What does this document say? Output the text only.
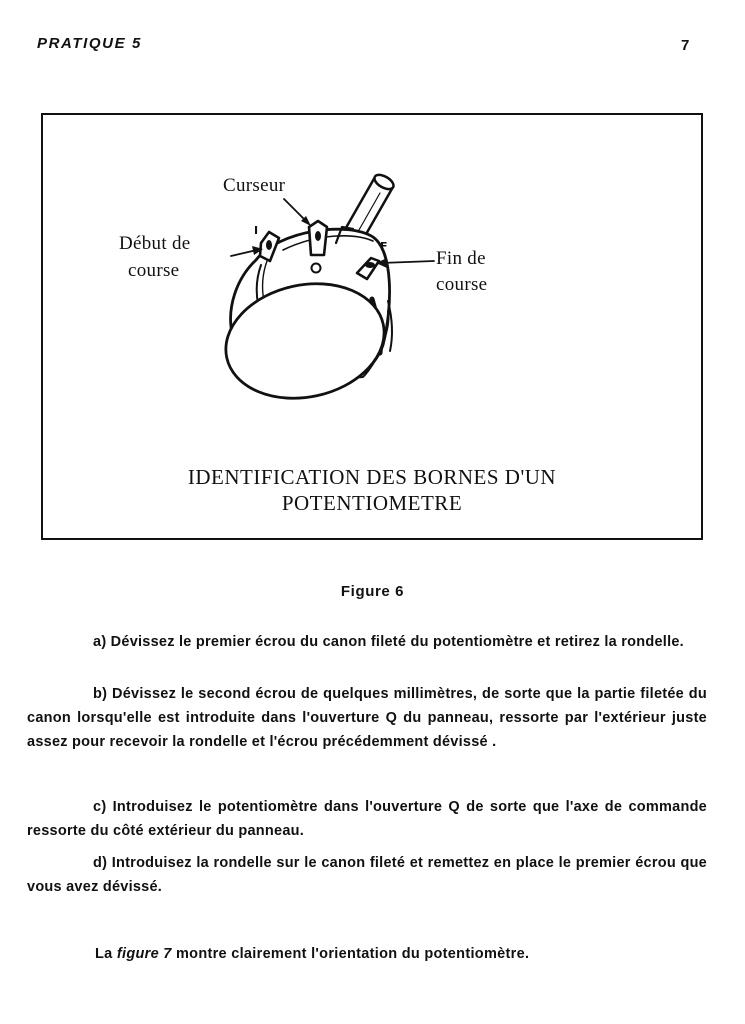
PRATIQUE 5	7
I
F
Curseur
Début de
course
Fin de
course
IDENTIFICATION DES BORNES D'UN
POTENTIOMETRE
Figure 6

a) Dévissez le premier écrou du canon fileté du potentiomètre et retirez la rondelle.

b) Dévissez le second écrou de quelques millimètres, de sorte que la partie filetée du canon lorsqu'elle est introduite dans l'ouverture Q du panneau, ressorte par l'extérieur juste assez pour recevoir la rondelle et l'écrou précédemment dévissé .

c) Introduisez le potentiomètre dans l'ouverture Q de sorte que l'axe de commande ressorte du côté extérieur du panneau.

d) Introduisez la rondelle sur le canon fileté et remettez en place le premier écrou que vous avez dévissé.

La figure 7 montre clairement l'orientation du potentiomètre.
